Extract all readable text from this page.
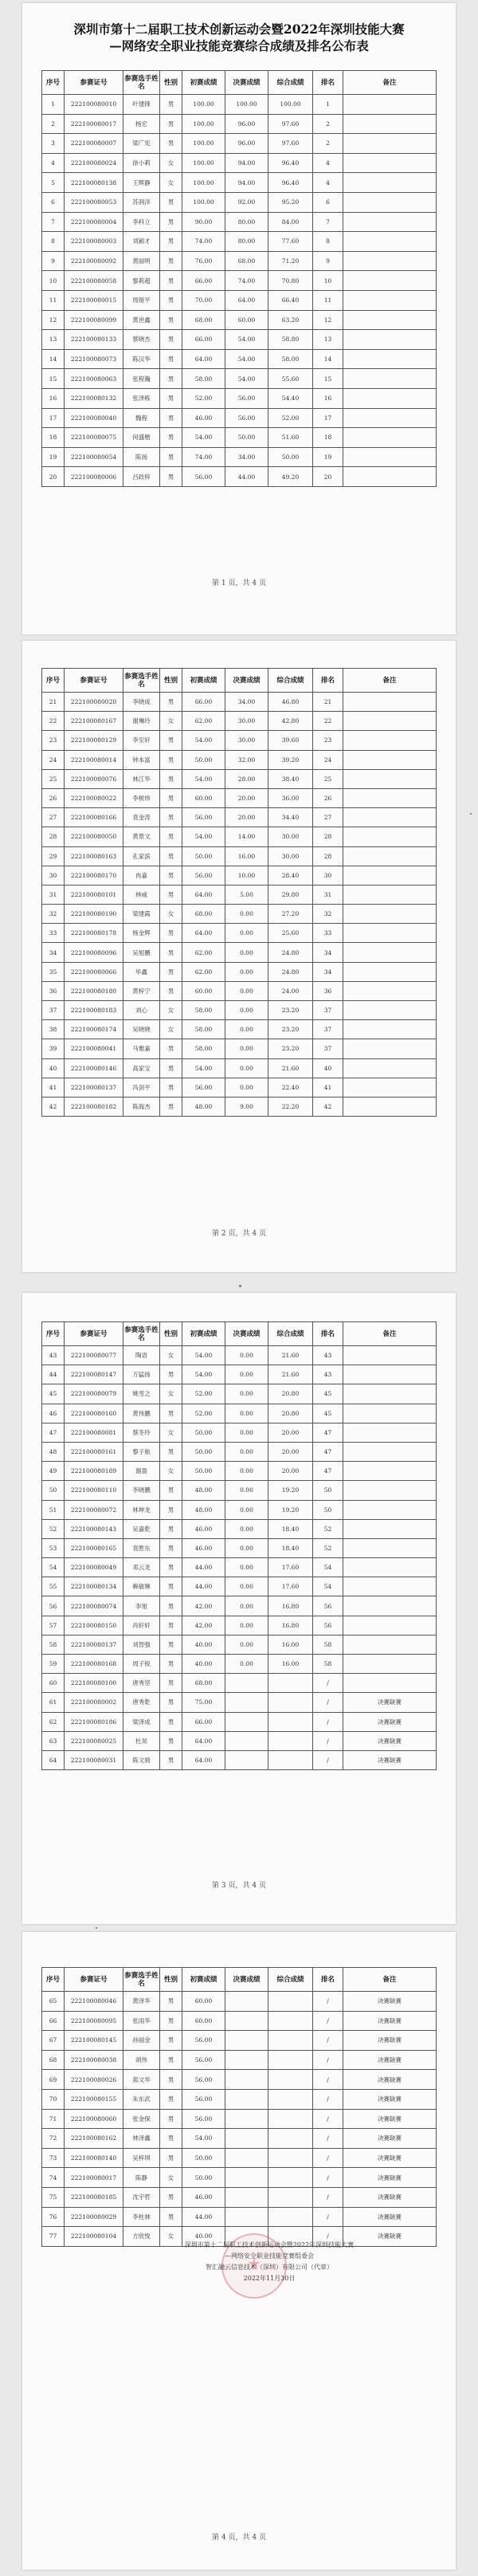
深圳市第十二届职工技术创新运动会暨2022年深圳技能大赛
—网络安全职业技能竞赛综合成绩及排名公布表
序号	参赛证号	参赛选手姓名	性别	初赛成绩	决赛成绩	综合成绩	排名	备注
1	222100080010	叶建锋	男	100.00	100.00	100.00	1	
2	222100080017	杨宏	男	100.00	96.00	97.60	2	
3	222100080007	梁广宪	男	100.00	96.00	97.60	2	
4	222100080024	徐小莉	女	100.00	94.00	96.40	4	
5	222100080138	王辉静	女	100.00	94.00	96.40	4	
6	222100080053	苏润洋	男	100.00	92.00	95.20	6	
7	222100080004	李科立	男	90.00	80.00	84.00	7	
8	222100080003	刘颖才	男	74.00	80.00	77.60	8	
9	222100080092	黄丽明	男	76.00	68.00	71.20	9	
10	222100080058	黎莉超	男	66.00	74.00	70.80	10	
11	222100080015	周娅平	男	70.00	64.00	66.40	11	
12	222100080099	黄世鑫	男	68.00	60.00	63.20	12	
13	222100080133	蔡晓杰	男	66.00	54.00	58.80	13	
14	222100080073	陈汉华	男	64.00	54.00	58.00	14	
15	222100080063	张程瀚	男	58.00	54.00	55.60	15	
16	222100080132	张泽栋	男	52.00	56.00	54.40	16	
17	222100080040	魏程	男	46.00	56.00	52.00	17	
18	222100080075	何盛楷	男	54.00	50.00	51.60	18	
19	222100080054	陈扬	男	74.00	34.00	50.00	19	
20	222100080006	吕政梓	男	56.00	44.00	49.20	20	
第 1 页，共 4 页
序号	参赛证号	参赛选手姓名	性别	初赛成绩	决赛成绩	综合成绩	排名	备注
21	222100080020	李晓成	男	66.00	34.00	46.80	21	
22	222100080167	谢琳玲	女	62.00	30.00	42.80	22	
23	222100080129	李至轩	男	54.00	30.00	39.60	23	
24	222100080014	钟本富	男	50.00	32.00	39.20	24	
25	222100080076	林江华	男	54.00	28.00	38.40	25	
26	222100080022	李树炜	男	60.00	20.00	36.00	26	
27	222100080166	袁金涛	男	56.00	20.00	34.40	27	
28	222100080050	黄景文	男	54.00	14.00	30.00	28	
29	222100080163	孔家滨	男	50.00	16.00	30.00	28	
30	222100080170	冉嘉	男	56.00	10.00	28.40	30	
31	222100080101	林威	男	64.00	5.00	29.80	31	
32	222100080190	梁建霞	女	68.00	0.00	27.20	32	
33	222100080178	杨金辉	男	64.00	0.00	25.60	33	
34	222100080096	吴旭鹏	男	62.00	0.00	24.80	34	
35	222100080066	毕鑫	男	62.00	0.00	24.80	34	
36	222100080180	黄梓宁	男	60.00	0.00	24.00	36	
37	222100080183	刘心	女	58.00	0.00	23.20	37	
38	222100080174	吴晓晓	女	58.00	0.00	23.20	37	
39	222100080041	马雅嘉	男	58.00	0.00	23.20	37	
40	222100080146	高家宝	男	54.00	0.00	21.60	40	
41	222100080137	冯剑平	男	56.00	0.00	22.40	41	
42	222100080182	陈海杰	男	48.00	9.00	22.20	42	
第 2 页，共 4 页
序号	参赛证号	参赛选手姓名	性别	初赛成绩	决赛成绩	综合成绩	排名	备注
43	222100080077	陶语	女	54.00	0.00	21.60	43	
44	222100080147	万猛扬	男	54.00	0.00	21.60	43	
45	222100080079	姚雪之	女	52.00	0.00	20.80	45	
46	222100080160	黄伟鹏	男	52.00	0.00	20.80	45	
47	222100080081	蔡冬玲	女	50.00	0.00	20.00	47	
48	222100080161	黎子航	男	50.00	0.00	20.00	47	
49	222100080189	谢盈	女	50.00	0.00	20.00	47	
50	222100080110	李晓鹏	男	48.00	0.00	19.20	50	
51	222100080072	林坤龙	男	48.00	0.00	19.20	50	
52	222100080143	吴嘉乾	男	46.00	0.00	18.40	52	
53	222100080165	袁胜东	男	46.00	0.00	18.40	52	
54	222100080049	邓云龙	男	44.00	0.00	17.60	54	
55	222100080134	赖敏琳	男	44.00	0.00	17.60	54	
56	222100080074	李旭	男	42.00	0.00	16.80	56	
57	222100080150	肖轩轩	男	42.00	0.00	16.80	56	
58	222100080137	刘智强	男	40.00	0.00	16.00	58	
59	222100080168	周子锐	男	40.00	0.00	16.00	58	
60	222100080100	唐秀坚	男	68.00			/	
61	222100080002	唐秀乾	男	75.00			/	决赛缺赛
62	222100080186	梁泽成	男	66.00			/	决赛缺赛
63	222100080025	杜昊	男	64.00			/	决赛缺赛
64	222100080031	陈文骑	男	64.00			/	决赛缺赛
第 3 页，共 4 页
序号	参赛证号	参赛选手姓名	性别	初赛成绩	决赛成绩	综合成绩	排名	备注
65	222100080046	黄泽华	男	60.00			/	决赛缺赛
66	222100080095	张雨华	男	60.00			/	决赛缺赛
67	222100080145	孙丽金	男	56.00			/	决赛缺赛
68	222100080038	胡伟	男	56.00			/	决赛缺赛
69	222100080026	郑文华	男	56.00			/	决赛缺赛
70	222100080155	朱东武	男	56.00			/	决赛缺赛
71	222100080060	张金保	男	56.00			/	决赛缺赛
72	222100080162	林泽鑫	男	54.00			/	决赛缺赛
73	222100080140	吴梓琪	男	50.00			/	决赛缺赛
74	222100080017	陈静	女	50.00			/	决赛缺赛
75	222100080185	沈宇哲	男	46.00			/	决赛缺赛
76	222100080029	李柱林	男	44.00			/	决赛缺赛
77	222100080104	方欣悦	女	40.00			/	决赛缺赛
★
深圳市第十二届职工技术创新运动会暨2022年深圳技能大赛
—网络安全职业技能竞赛组委会
智汇融云信息技术（深圳）有限公司（代章）
2022年11月30日
第 4 页，共 4 页
